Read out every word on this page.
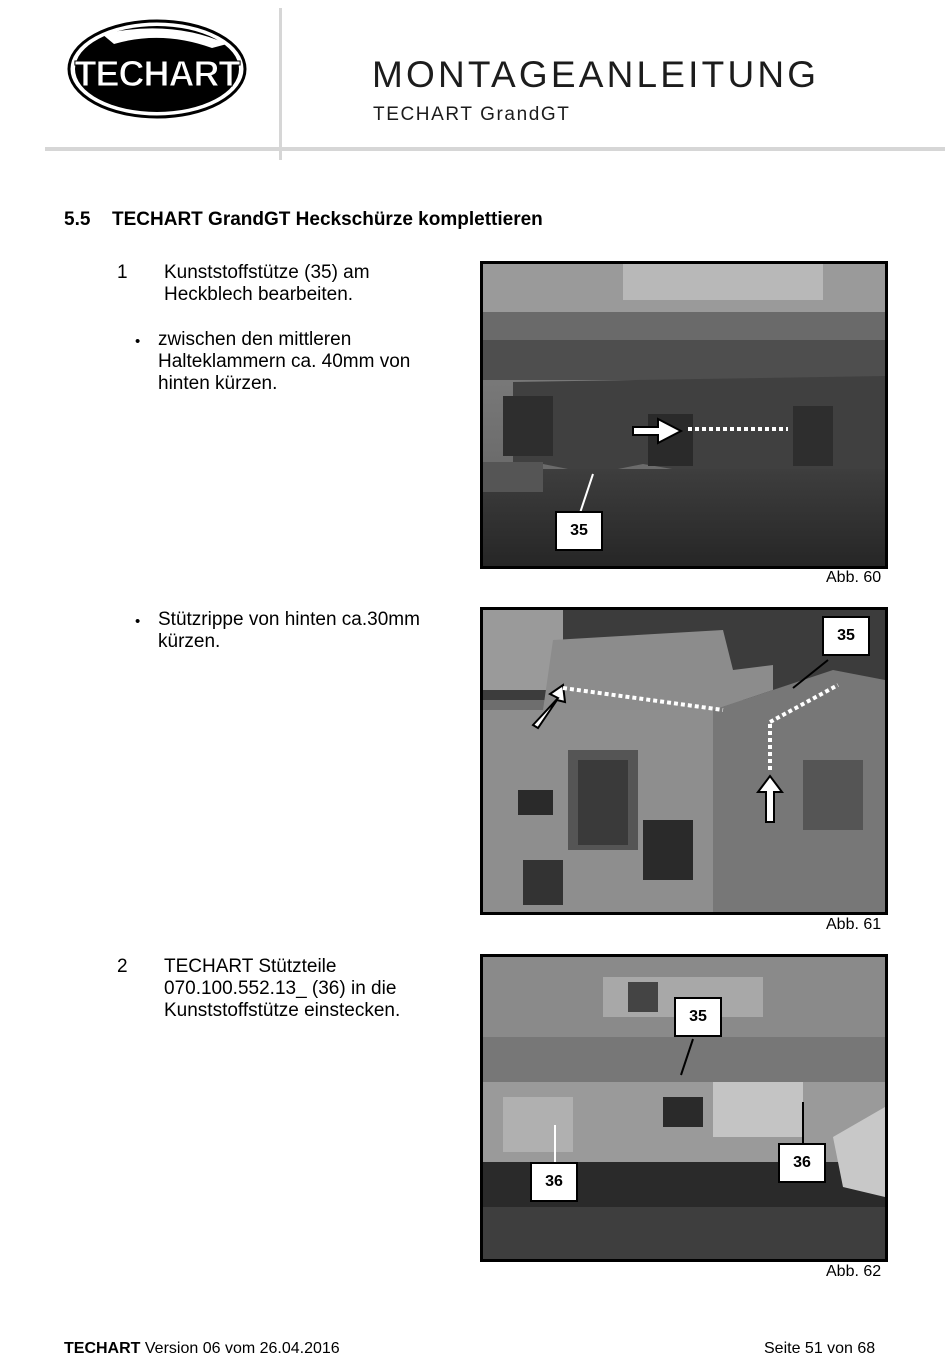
TECHART	MONTAGEANLEITUNG
TECHART GrandGT
5.5 TECHART GrandGT Heckschürze komplettieren
1 Kunststoffstütze (35) am
Heckblech bearbeiten.
• zwischen den mittleren
Halteklammern ca. 40mm von
hinten kürzen.
• Stützrippe von hinten ca.30mm
kürzen.
2 TECHART Stützteile
070.100.552.13_ (36) in die
Kunststoffstütze einstecken.
35
Abb. 60
35
Abb. 61
35
36
36
Abb. 62
TECHART Version 06 vom 26.04.2016	Seite 51 von 68
